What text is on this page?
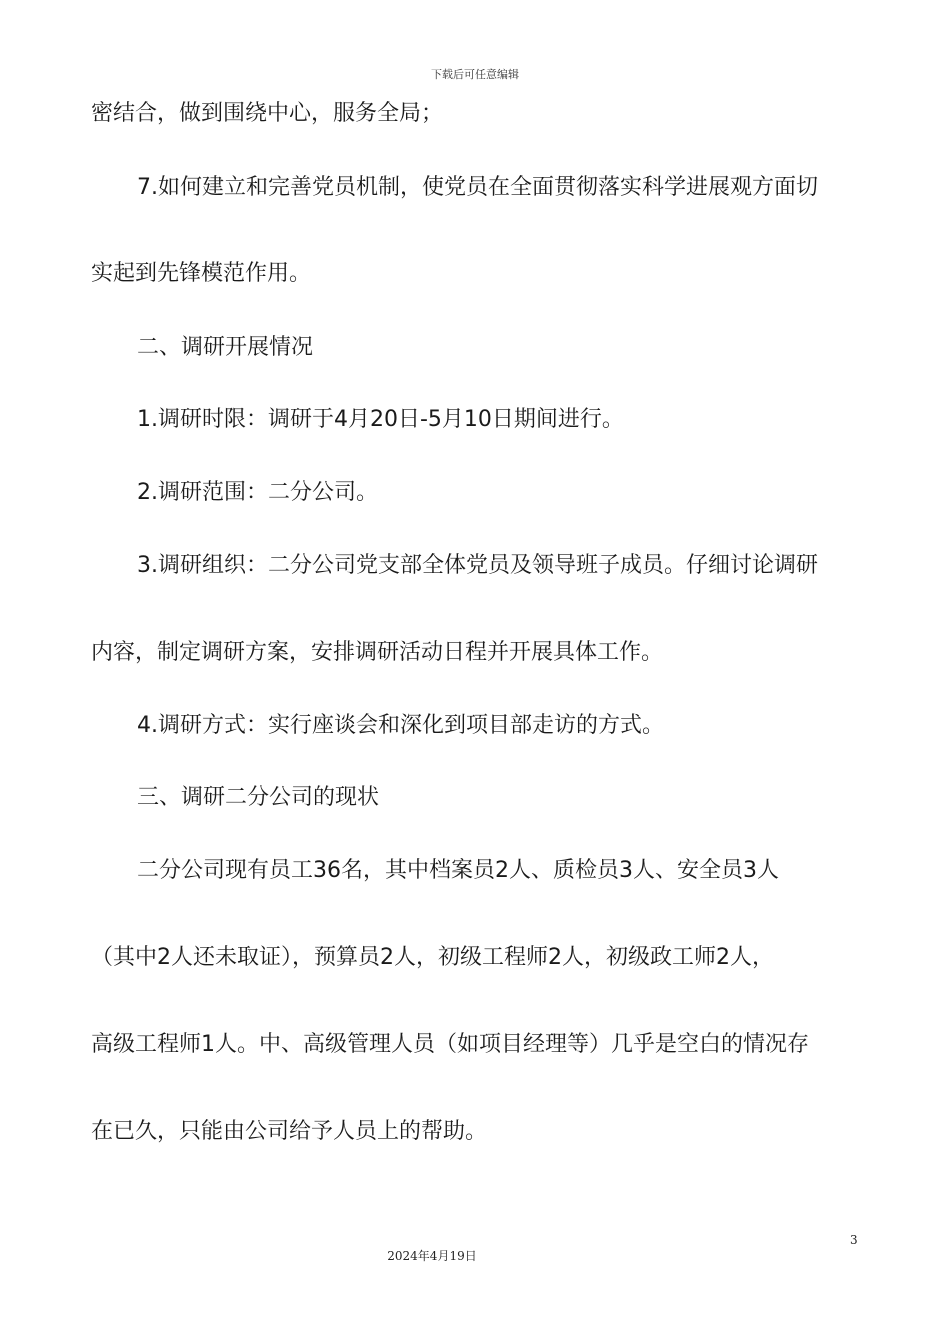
下载后可任意编辑
密结合，做到围绕中心，服务全局；
7.如何建立和完善党员机制，使党员在全面贯彻落实科学进展观方面切
实起到先锋模范作用。
二、调研开展情况
1.调研时限：调研于4月20日-5月10日期间进行。
2.调研范围：二分公司。
3.调研组织：二分公司党支部全体党员及领导班子成员。仔细讨论调研
内容，制定调研方案，安排调研活动日程并开展具体工作。
4.调研方式：实行座谈会和深化到项目部走访的方式。
三、调研二分公司的现状
二分公司现有员工36名，其中档案员2人、质检员3人、安全员3人
（其中2人还未取证），预算员2人，初级工程师2人，初级政工师2人，
高级工程师1人。中、高级管理人员（如项目经理等）几乎是空白的情况存
在已久，只能由公司给予人员上的帮助。
3
2024年4月19日
